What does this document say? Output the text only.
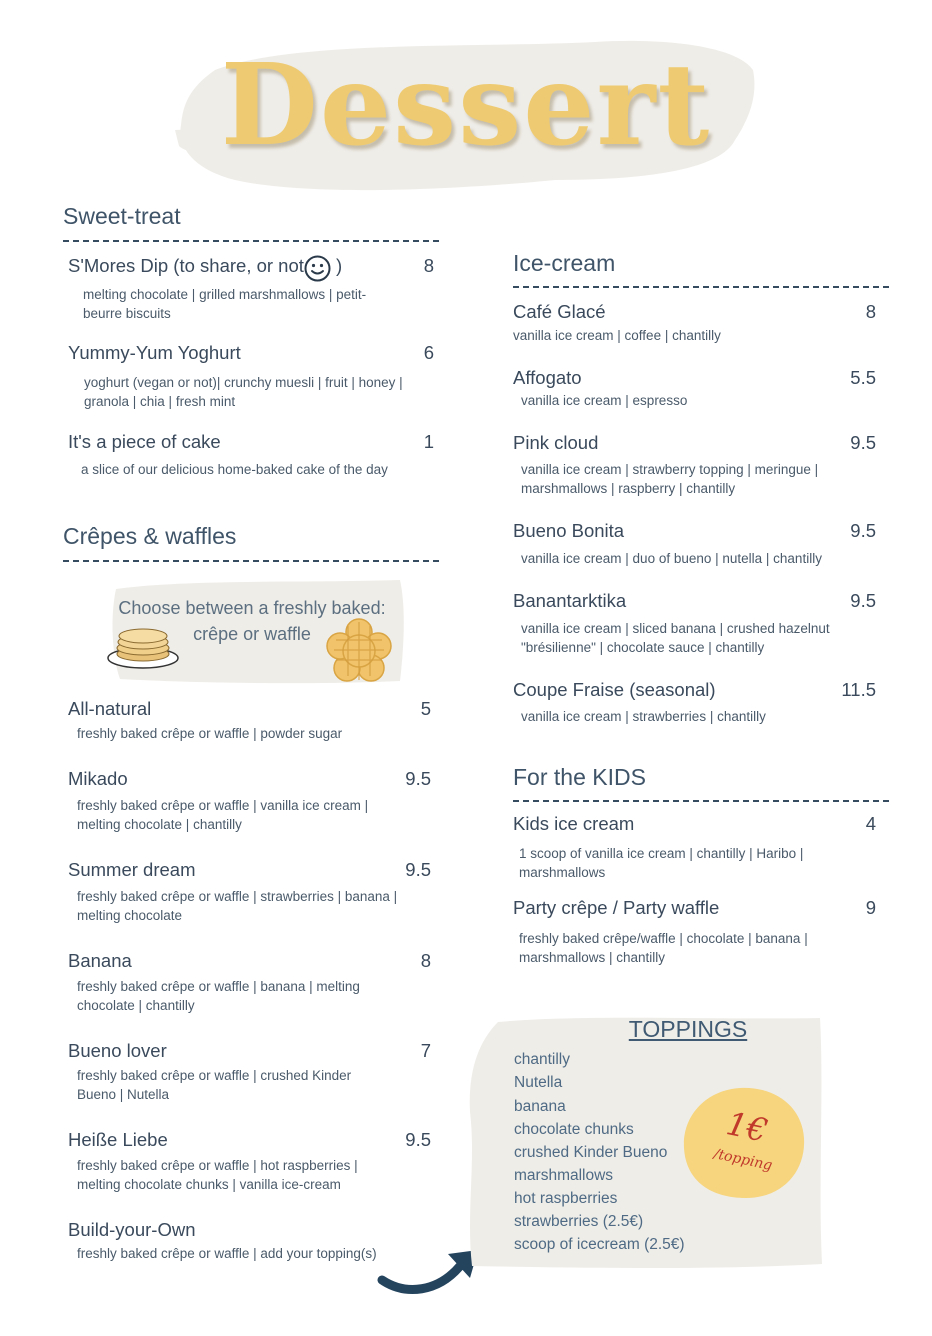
Dessert
Sweet-treat
S'Mores Dip (to share, or not )	8
melting chocolate | grilled marshmallows | petit-
beurre biscuits
Yummy-Yum Yoghurt	6
yoghurt (vegan or not)| crunchy muesli | fruit | honey |
granola | chia | fresh mint
It's a piece of cake	1
a slice of our delicious home-baked cake of the day
Crêpes & waffles
Choose between a freshly baked:
crêpe or waffle
All-natural	5
freshly baked crêpe or waffle | powder sugar
Mikado	9.5
freshly baked crêpe or waffle | vanilla ice cream |
melting chocolate | chantilly
Summer dream	9.5
freshly baked crêpe or waffle | strawberries | banana |
melting chocolate
Banana	8
freshly baked crêpe or waffle | banana | melting
chocolate | chantilly
Bueno lover	7
freshly baked crêpe or waffle | crushed Kinder
Bueno | Nutella
Heiße Liebe	9.5
freshly baked crêpe or waffle | hot raspberries |
melting chocolate chunks | vanilla ice-cream
Build-your-Own
freshly baked crêpe or waffle | add your topping(s)
Ice-cream
Café Glacé	8
vanilla ice cream | coffee | chantilly
Affogato	5.5
vanilla ice cream | espresso
Pink cloud	9.5
vanilla ice cream | strawberry topping | meringue |
marshmallows | raspberry | chantilly
Bueno Bonita	9.5
vanilla ice cream | duo of bueno | nutella | chantilly
Banantarktika	9.5
vanilla ice cream | sliced banana | crushed hazelnut
"brésilienne" | chocolate sauce | chantilly
Coupe Fraise (seasonal)	11.5
vanilla ice cream | strawberries | chantilly
For the KIDS
Kids ice cream	4
1 scoop of vanilla ice cream | chantilly | Haribo |
marshmallows
Party crêpe / Party waffle	9
freshly baked crêpe/waffle | chocolate | banana |
marshmallows | chantilly
TOPPINGS
chantilly
Nutella
banana
chocolate chunks
crushed Kinder Bueno
marshmallows
hot raspberries
strawberries (2.5€)
scoop of icecream (2.5€)
1€
/topping
